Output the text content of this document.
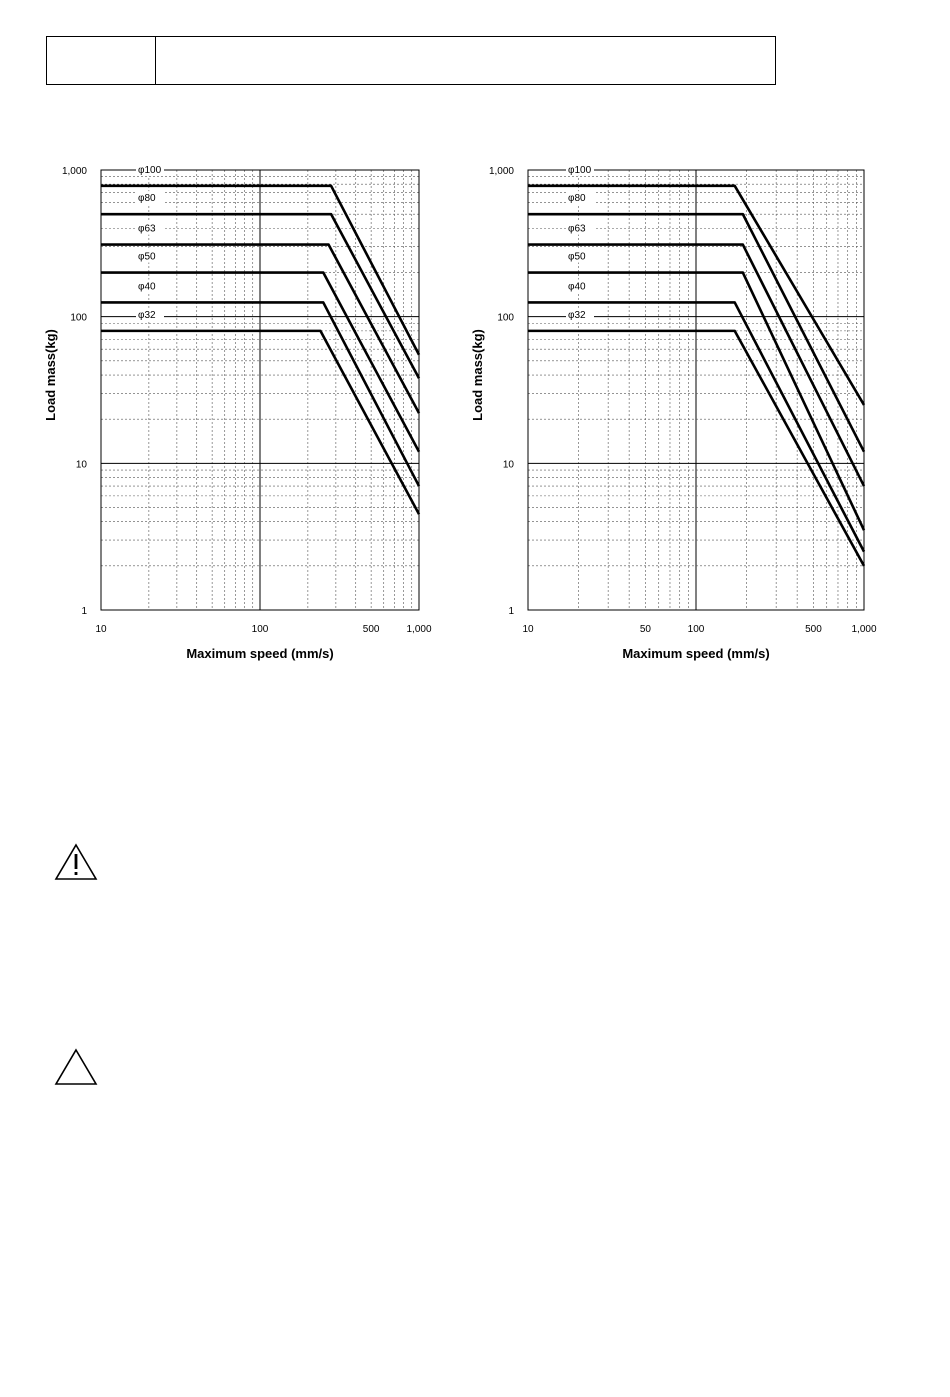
10	100	500	1,000
1
10
100
1,000
Maximum speed (mm/s)
Load mass(kg)
φ100
φ80
φ63
φ50
φ40
φ32
10	50	100	500	1,000
1
10
100
1,000
Maximum speed (mm/s)
Load mass(kg)
φ100
φ80
φ63
φ50
φ40
φ32
